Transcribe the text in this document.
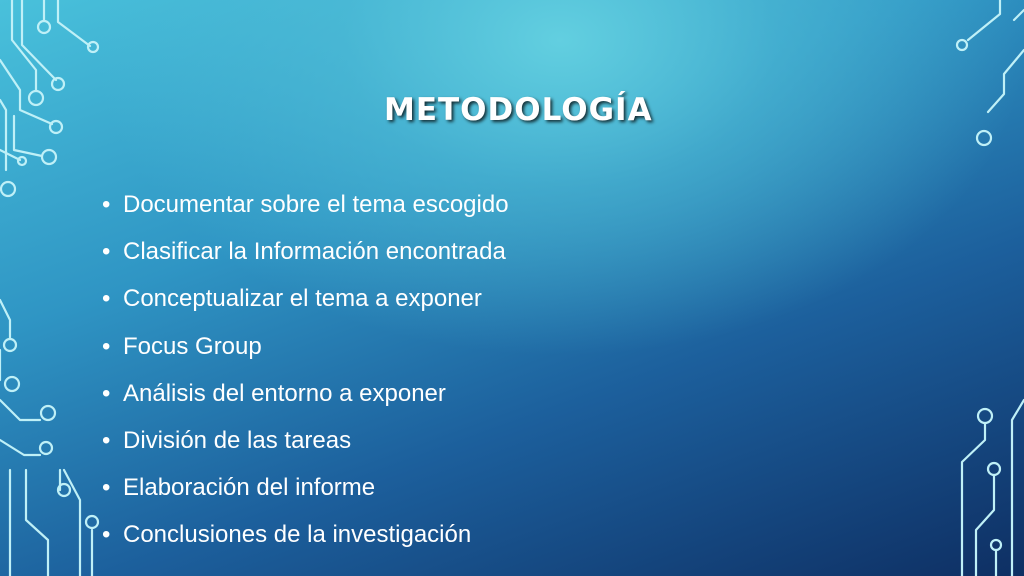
METODOLOGÍA
• Documentar sobre el tema escogido
• Clasificar la Información encontrada
• Conceptualizar el tema a exponer
• Focus Group
• Análisis del entorno a exponer
• División de las tareas
• Elaboración del informe
• Conclusiones de la investigación
